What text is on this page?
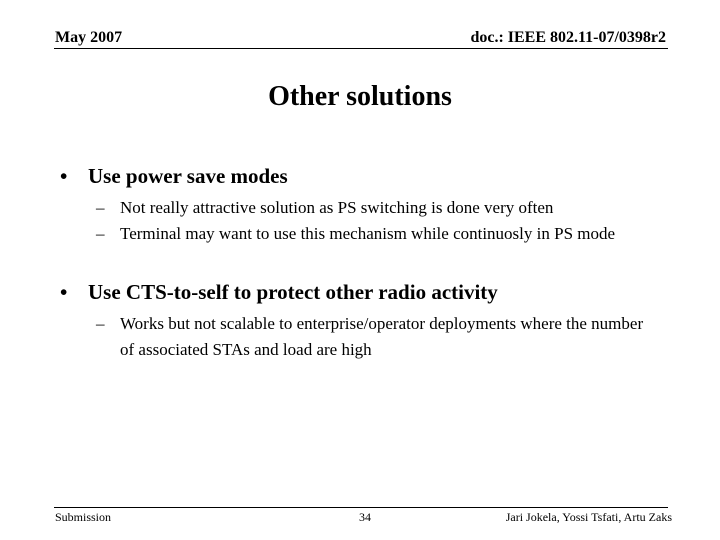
May 2007	doc.: IEEE 802.11-07/0398r2
Other solutions
• Use power save modes
– Not really attractive solution as PS switching is done very often
– Terminal may want to use this mechanism while continuosly in PS mode
• Use CTS-to-self to protect other radio activity
– Works but not scalable to enterprise/operator deployments where the number of associated STAs and load are high
Submission	34	Jari Jokela, Yossi Tsfati, Artu Zaks
